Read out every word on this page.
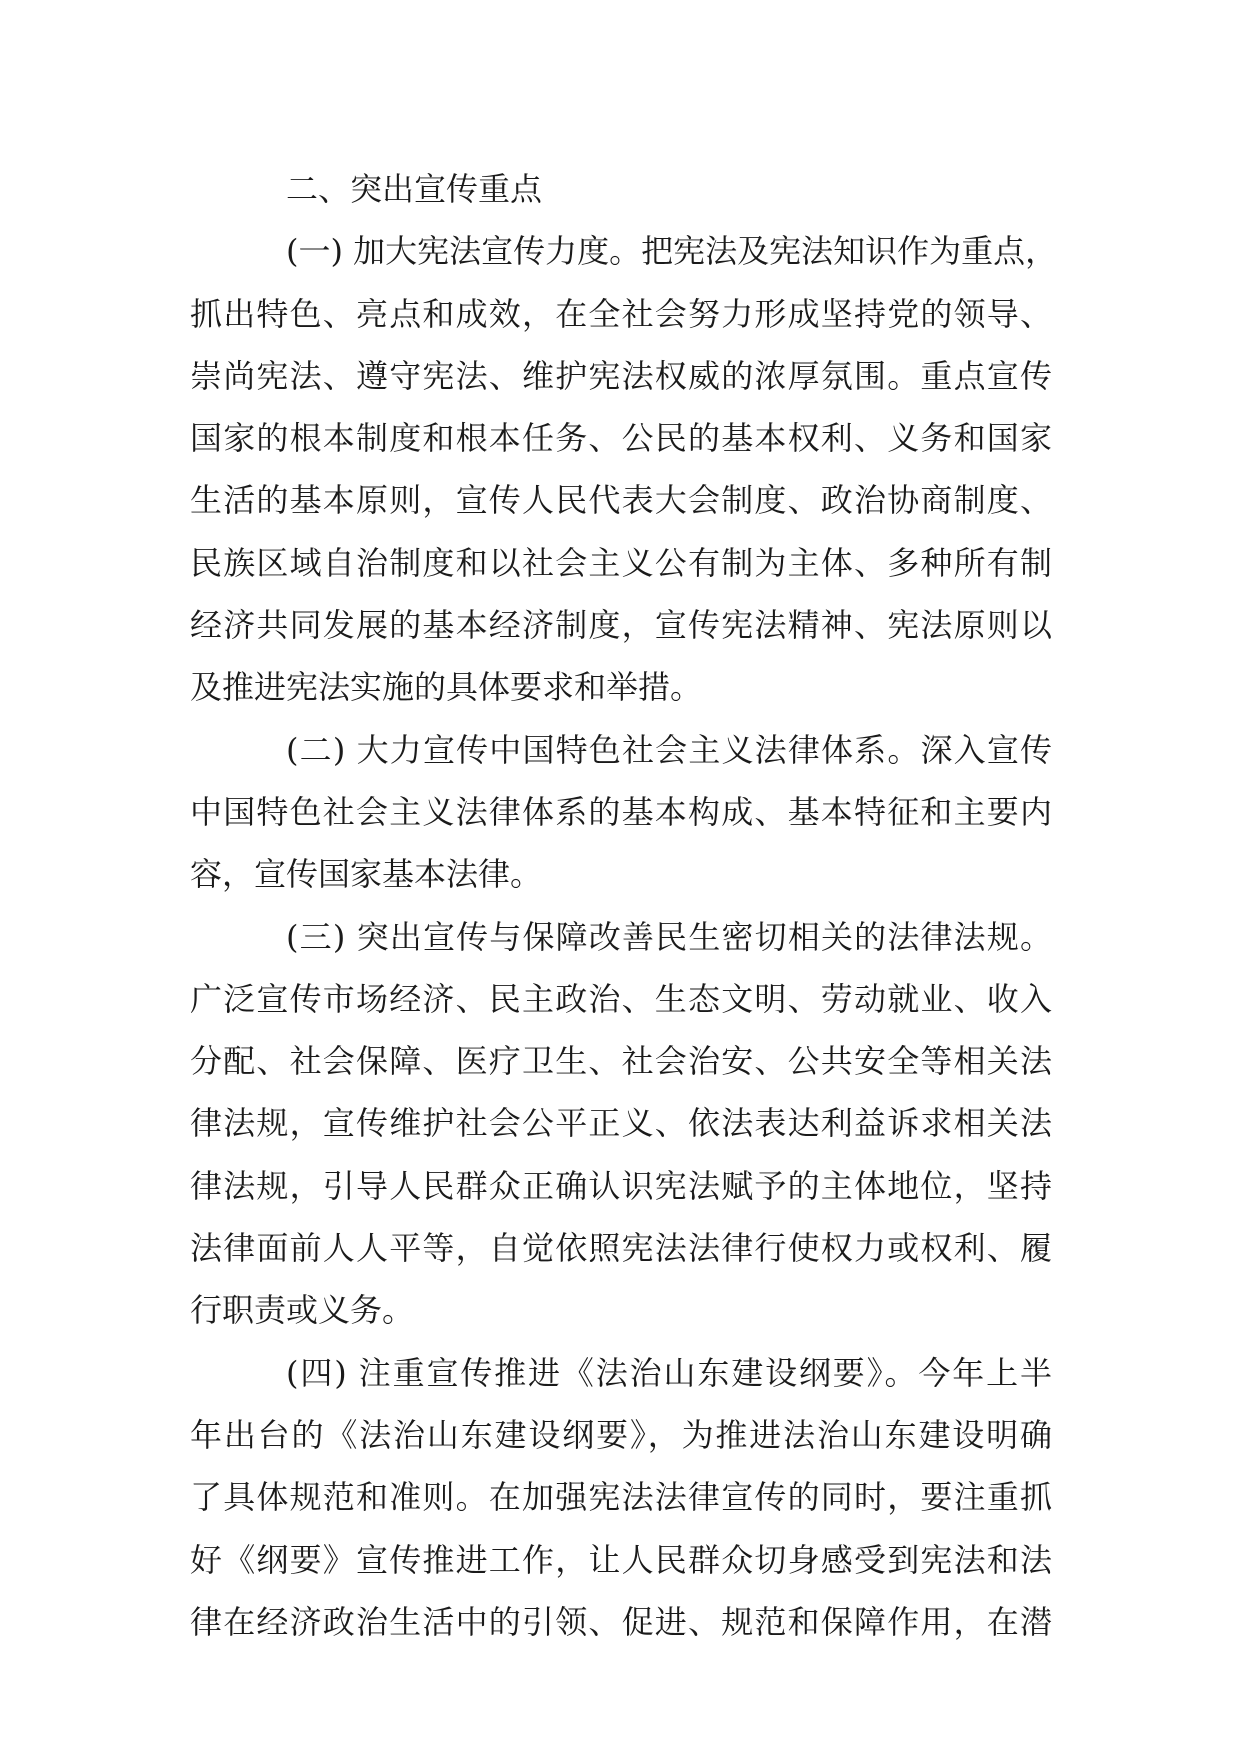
二、突出宣传重点
(一) 加大宪法宣传力度。把宪法及宪法知识作为重点，
抓出特色、亮点和成效，在全社会努力形成坚持党的领导、
崇尚宪法、遵守宪法、维护宪法权威的浓厚氛围。重点宣传
国家的根本制度和根本任务、公民的基本权利、义务和国家
生活的基本原则，宣传人民代表大会制度、政治协商制度、
民族区域自治制度和以社会主义公有制为主体、多种所有制
经济共同发展的基本经济制度，宣传宪法精神、宪法原则以
及推进宪法实施的具体要求和举措。
(二) 大力宣传中国特色社会主义法律体系。深入宣传
中国特色社会主义法律体系的基本构成、基本特征和主要内
容，宣传国家基本法律。
(三) 突出宣传与保障改善民生密切相关的法律法规。
广泛宣传市场经济、民主政治、生态文明、劳动就业、收入
分配、社会保障、医疗卫生、社会治安、公共安全等相关法
律法规，宣传维护社会公平正义、依法表达利益诉求相关法
律法规，引导人民群众正确认识宪法赋予的主体地位，坚持
法律面前人人平等，自觉依照宪法法律行使权力或权利、履
行职责或义务。
(四) 注重宣传推进《法治山东建设纲要》。今年上半
年出台的《法治山东建设纲要》，为推进法治山东建设明确
了具体规范和准则。在加强宪法法律宣传的同时，要注重抓
好《纲要》宣传推进工作，让人民群众切身感受到宪法和法
律在经济政治生活中的引领、促进、规范和保障作用，在潜
